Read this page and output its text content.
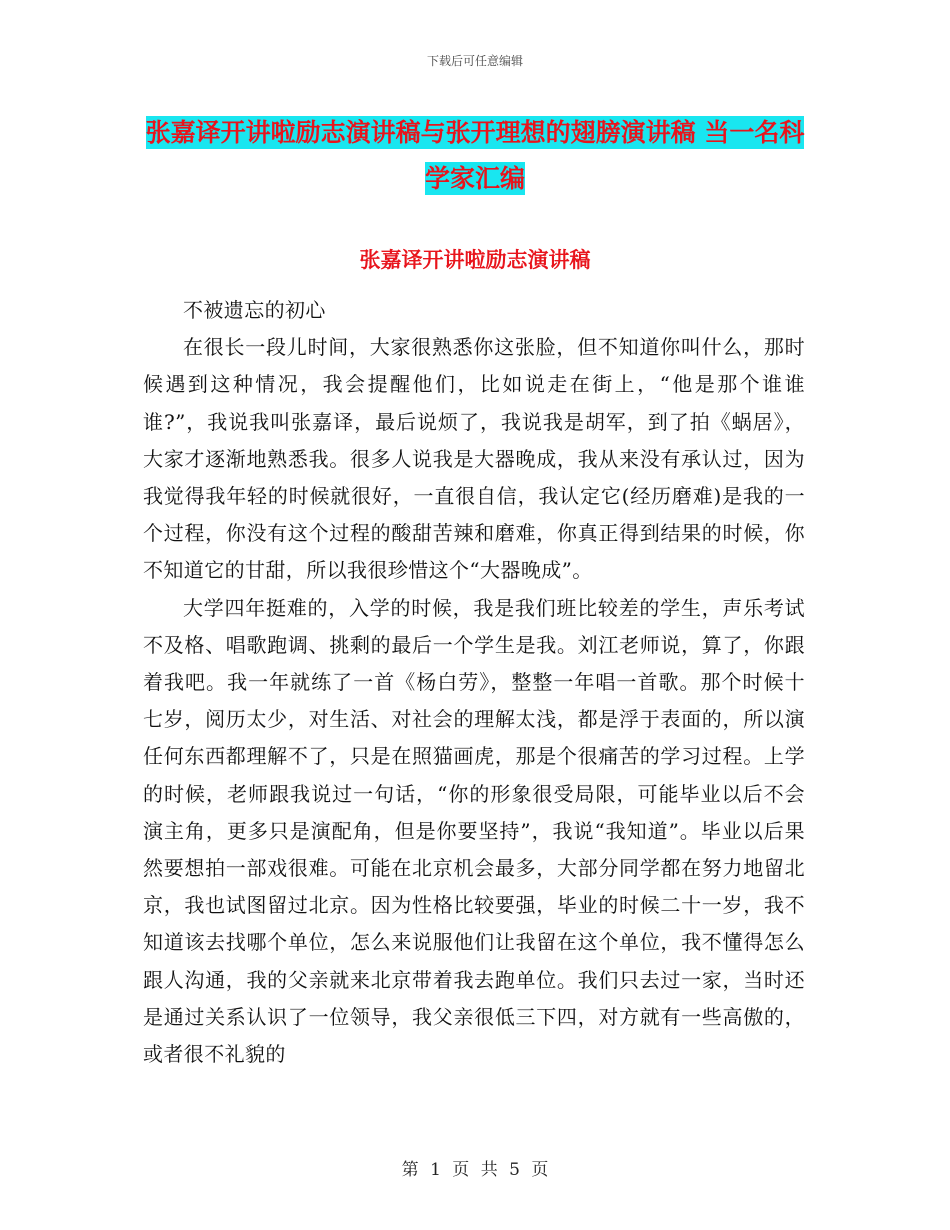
下载后可任意编辑
张嘉译开讲啦励志演讲稿与张开理想的翅膀演讲稿 当一名科学家汇编
张嘉译开讲啦励志演讲稿

不被遗忘的初心

在很长一段儿时间，大家很熟悉你这张脸，但不知道你叫什么，那时候遇到这种情况，我会提醒他们，比如说走在街上，“他是那个谁谁谁?”，我说我叫张嘉译，最后说烦了，我说我是胡军，到了拍《蜗居》，大家才逐渐地熟悉我。很多人说我是大器晚成，我从来没有承认过，因为我觉得我年轻的时候就很好，一直很自信，我认定它(经历磨难)是我的一个过程，你没有这个过程的酸甜苦辣和磨难，你真正得到结果的时候，你不知道它的甘甜，所以我很珍惜这个“大器晚成”。

大学四年挺难的，入学的时候，我是我们班比较差的学生，声乐考试不及格、唱歌跑调、挑剩的最后一个学生是我。刘江老师说，算了，你跟着我吧。我一年就练了一首《杨白劳》，整整一年唱一首歌。那个时候十七岁，阅历太少，对生活、对社会的理解太浅，都是浮于表面的，所以演任何东西都理解不了，只是在照猫画虎，那是个很痛苦的学习过程。上学的时候，老师跟我说过一句话，“你的形象很受局限，可能毕业以后不会演主角，更多只是演配角，但是你要坚持”，我说“我知道”。毕业以后果然要想拍一部戏很难。可能在北京机会最多，大部分同学都在努力地留北京，我也试图留过北京。因为性格比较要强，毕业的时候二十一岁，我不知道该去找哪个单位，怎么来说服他们让我留在这个单位，我不懂得怎么跟人沟通，我的父亲就来北京带着我去跑单位。我们只去过一家，当时还是通过关系认识了一位领导，我父亲很低三下四，对方就有一些高傲的，或者很不礼貌的

第 1 页 共 5 页
